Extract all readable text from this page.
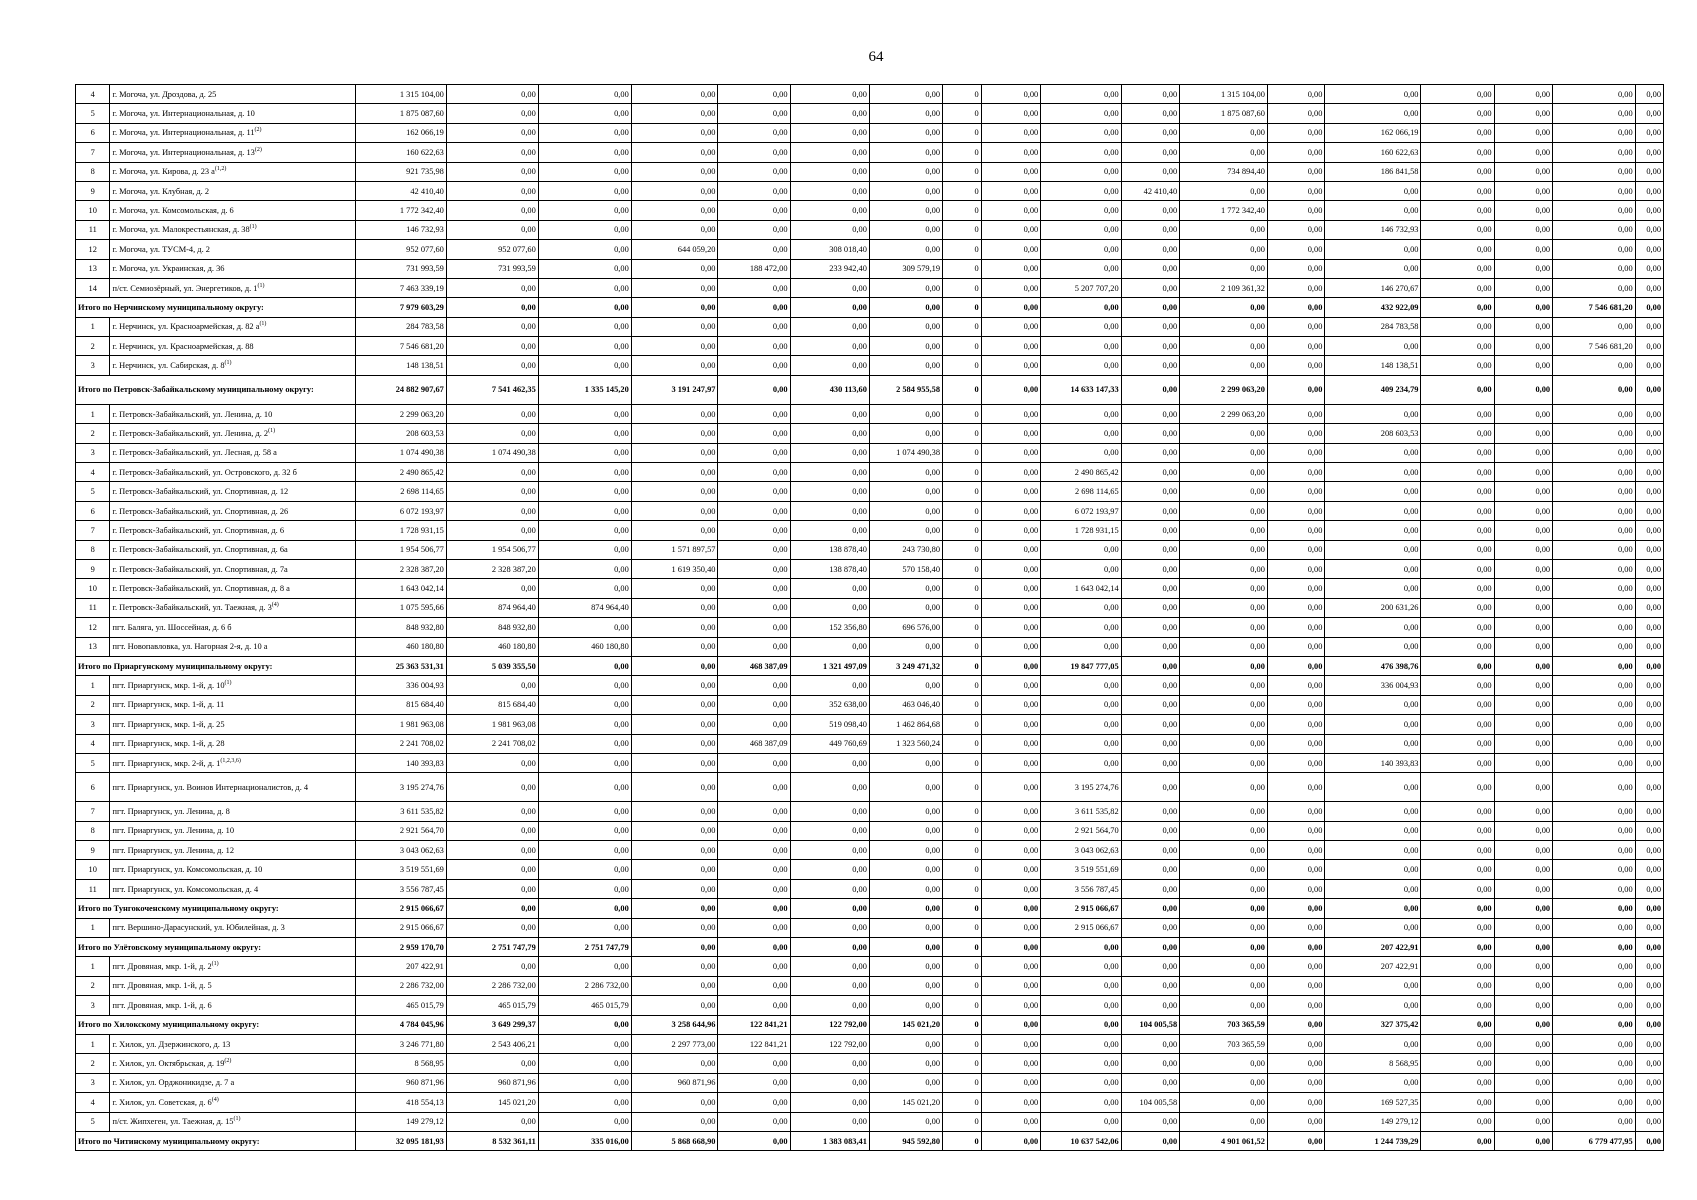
64
4	г. Могоча, ул. Дроздова, д. 25	1 315 104,00	0,00	0,00	0,00	0,00	0,00	0,00	0	0,00	0,00	0,00	1 315 104,00	0,00	0,00	0,00	0,00	0,00	0,00
5	г. Могоча, ул. Интернациональная, д. 10	1 875 087,60	0,00	0,00	0,00	0,00	0,00	0,00	0	0,00	0,00	0,00	1 875 087,60	0,00	0,00	0,00	0,00	0,00	0,00
6	г. Могоча, ул. Интернациональная, д. 11$^{(2)}$	162 066,19	0,00	0,00	0,00	0,00	0,00	0,00	0	0,00	0,00	0,00	0,00	0,00	162 066,19	0,00	0,00	0,00	0,00
7	г. Могоча, ул. Интернациональная, д. 13$^{(2)}$	160 622,63	0,00	0,00	0,00	0,00	0,00	0,00	0	0,00	0,00	0,00	0,00	0,00	160 622,63	0,00	0,00	0,00	0,00
8	г. Могоча, ул. Кирова, д. 23 $а^{(1,2)}$	921 735,98	0,00	0,00	0,00	0,00	0,00	0,00	0	0,00	0,00	0,00	734 894,40	0,00	186 841,58	0,00	0,00	0,00	0,00
9	г. Могоча, ул. Клубная, д. 2	42 410,40	0,00	0,00	0,00	0,00	0,00	0,00	0	0,00	0,00	42 410,40	0,00	0,00	0,00	0,00	0,00	0,00	0,00
10	г. Могоча, ул. Комсомольская, д. 6	1 772 342,40	0,00	0,00	0,00	0,00	0,00	0,00	0	0,00	0,00	0,00	1 772 342,40	0,00	0,00	0,00	0,00	0,00	0,00
11	г. Могоча, ул. Малокрестьянская, д. 38$^{(1)}$	146 732,93	0,00	0,00	0,00	0,00	0,00	0,00	0	0,00	0,00	0,00	0,00	0,00	146 732,93	0,00	0,00	0,00	0,00
12	г. Могоча, ул. ТУСМ-4, д. 2	952 077,60	952 077,60	0,00	644 059,20	0,00	308 018,40	0,00	0	0,00	0,00	0,00	0,00	0,00	0,00	0,00	0,00	0,00	0,00
13	г. Могоча, ул. Украинская, д. 36	731 993,59	731 993,59	0,00	0,00	188 472,00	233 942,40	309 579,19	0	0,00	0,00	0,00	0,00	0,00	0,00	0,00	0,00	0,00	0,00
14	п/ст. Семиозёрный, ул. Энергетиков, д. 1$^{(1)}$	7 463 339,19	0,00	0,00	0,00	0,00	0,00	0,00	0	0,00	5 207 707,20	0,00	2 109 361,32	0,00	146 270,67	0,00	0,00	0,00	0,00
Итого по Нерчинскому муниципальному округу:		7 979 603,29	0,00	0,00	0,00	0,00	0,00	0,00	0	0,00	0,00	0,00	0,00	0,00	432 922,09	0,00	0,00	7 546 681,20	0,00
1	г. Нерчинск, ул. Красноармейская, д. 82 $а^{(1)}$	284 783,58	0,00	0,00	0,00	0,00	0,00	0,00	0	0,00	0,00	0,00	0,00	0,00	284 783,58	0,00	0,00	0,00	0,00
2	г. Нерчинск, ул. Красноармейская, д. 88	7 546 681,20	0,00	0,00	0,00	0,00	0,00	0,00	0	0,00	0,00	0,00	0,00	0,00	0,00	0,00	0,00	7 546 681,20	0,00
3	г. Нерчинск, ул. Сабирская, д. 8$^{(1)}$	148 138,51	0,00	0,00	0,00	0,00	0,00	0,00	0	0,00	0,00	0,00	0,00	0,00	148 138,51	0,00	0,00	0,00	0,00
Итого по Петровск-Забайкальскому муниципальному округу:		24 882 907,67	7 541 462,35	1 335 145,20	3 191 247,97	0,00	430 113,60	2 584 955,58	0	0,00	14 633 147,33	0,00	2 299 063,20	0,00	409 234,79	0,00	0,00	0,00	0,00
1	г. Петровск-Забайкальский, ул. Ленина, д. 10	2 299 063,20	0,00	0,00	0,00	0,00	0,00	0,00	0	0,00	0,00	0,00	2 299 063,20	0,00	0,00	0,00	0,00	0,00	0,00
2	г. Петровск-Забайкальский, ул. Ленина, д. 2$^{(1)}$	208 603,53	0,00	0,00	0,00	0,00	0,00	0,00	0	0,00	0,00	0,00	0,00	0,00	208 603,53	0,00	0,00	0,00	0,00
3	г. Петровск-Забайкальский, ул. Лесная, д. 58 а	1 074 490,38	1 074 490,38	0,00	0,00	0,00	0,00	1 074 490,38	0	0,00	0,00	0,00	0,00	0,00	0,00	0,00	0,00	0,00	0,00
4	г. Петровск-Забайкальский, ул. Островского, д. 32 б	2 490 865,42	0,00	0,00	0,00	0,00	0,00	0,00	0	0,00	2 490 865,42	0,00	0,00	0,00	0,00	0,00	0,00	0,00	0,00
5	г. Петровск-Забайкальский, ул. Спортивная, д. 12	2 698 114,65	0,00	0,00	0,00	0,00	0,00	0,00	0	0,00	2 698 114,65	0,00	0,00	0,00	0,00	0,00	0,00	0,00	0,00
6	г. Петровск-Забайкальский, ул. Спортивная, д. 26	6 072 193,97	0,00	0,00	0,00	0,00	0,00	0,00	0	0,00	6 072 193,97	0,00	0,00	0,00	0,00	0,00	0,00	0,00	0,00
7	г. Петровск-Забайкальский, ул. Спортивная, д. 6	1 728 931,15	0,00	0,00	0,00	0,00	0,00	0,00	0	0,00	1 728 931,15	0,00	0,00	0,00	0,00	0,00	0,00	0,00	0,00
8	г. Петровск-Забайкальский, ул. Спортивная, д. 6а	1 954 506,77	1 954 506,77	0,00	1 571 897,57	0,00	138 878,40	243 730,80	0	0,00	0,00	0,00	0,00	0,00	0,00	0,00	0,00	0,00	0,00
9	г. Петровск-Забайкальский, ул. Спортивная, д. 7а	2 328 387,20	2 328 387,20	0,00	1 619 350,40	0,00	138 878,40	570 158,40	0	0,00	0,00	0,00	0,00	0,00	0,00	0,00	0,00	0,00	0,00
10	г. Петровск-Забайкальский, ул. Спортивная, д. 8 а	1 643 042,14	0,00	0,00	0,00	0,00	0,00	0,00	0	0,00	1 643 042,14	0,00	0,00	0,00	0,00	0,00	0,00	0,00	0,00
11	г. Петровск-Забайкальский, ул. Таежная, д. 3$^{(4)}$	1 075 595,66	874 964,40	874 964,40	0,00	0,00	0,00	0,00	0	0,00	0,00	0,00	0,00	0,00	200 631,26	0,00	0,00	0,00	0,00
12	пгт. Балягa, ул. Шоссейная, д. 6 б	848 932,80	848 932,80	0,00	0,00	0,00	152 356,80	696 576,00	0	0,00	0,00	0,00	0,00	0,00	0,00	0,00	0,00	0,00	0,00
13	пгт. Новопавловка, ул. Нагорная 2-я, д. 10 а	460 180,80	460 180,80	460 180,80	0,00	0,00	0,00	0,00	0	0,00	0,00	0,00	0,00	0,00	0,00	0,00	0,00	0,00	0,00
Итого по Приаргунскому муниципальному округу:		25 363 531,31	5 039 355,50	0,00	0,00	468 387,09	1 321 497,09	3 249 471,32	0	0,00	19 847 777,05	0,00	0,00	0,00	476 398,76	0,00	0,00	0,00	0,00
1	пгт. Приаргунск, мкр. 1-й, д. 10$^{(1)}$	336 004,93	0,00	0,00	0,00	0,00	0,00	0,00	0	0,00	0,00	0,00	0,00	0,00	336 004,93	0,00	0,00	0,00	0,00
2	пгт. Приаргунск, мкр. 1-й, д. 11	815 684,40	815 684,40	0,00	0,00	0,00	352 638,00	463 046,40	0	0,00	0,00	0,00	0,00	0,00	0,00	0,00	0,00	0,00	0,00
3	пгт. Приаргунск, мкр. 1-й, д. 25	1 981 963,08	1 981 963,08	0,00	0,00	0,00	519 098,40	1 462 864,68	0	0,00	0,00	0,00	0,00	0,00	0,00	0,00	0,00	0,00	0,00
4	пгт. Приаргунск, мкр. 1-й, д. 28	2 241 708,02	2 241 708,02	0,00	0,00	468 387,09	449 760,69	1 323 560,24	0	0,00	0,00	0,00	0,00	0,00	0,00	0,00	0,00	0,00	0,00
5	пгт. Приаргунск, мкр. 2-й, д. 1$^{(1,2,3,6)}$	140 393,83	0,00	0,00	0,00	0,00	0,00	0,00	0	0,00	0,00	0,00	0,00	0,00	140 393,83	0,00	0,00	0,00	0,00
6	пгт. Приаргунск, ул. Воинов Интернационалистов, д. 4	3 195 274,76	0,00	0,00	0,00	0,00	0,00	0,00	0	0,00	3 195 274,76	0,00	0,00	0,00	0,00	0,00	0,00	0,00	0,00
7	пгт. Приаргунск, ул. Ленина, д. 8	3 611 535,82	0,00	0,00	0,00	0,00	0,00	0,00	0	0,00	3 611 535,82	0,00	0,00	0,00	0,00	0,00	0,00	0,00	0,00
8	пгт. Приаргунск, ул. Ленина, д. 10	2 921 564,70	0,00	0,00	0,00	0,00	0,00	0,00	0	0,00	2 921 564,70	0,00	0,00	0,00	0,00	0,00	0,00	0,00	0,00
9	пгт. Приаргунск, ул. Ленина, д. 12	3 043 062,63	0,00	0,00	0,00	0,00	0,00	0,00	0	0,00	3 043 062,63	0,00	0,00	0,00	0,00	0,00	0,00	0,00	0,00
10	пгт. Приаргунск, ул. Комсомольская, д. 10	3 519 551,69	0,00	0,00	0,00	0,00	0,00	0,00	0	0,00	3 519 551,69	0,00	0,00	0,00	0,00	0,00	0,00	0,00	0,00
11	пгт. Приаргунск, ул. Комсомольская, д. 4	3 556 787,45	0,00	0,00	0,00	0,00	0,00	0,00	0	0,00	3 556 787,45	0,00	0,00	0,00	0,00	0,00	0,00	0,00	0,00
Итого по Тунгокоченскому муниципальному округу:		2 915 066,67	0,00	0,00	0,00	0,00	0,00	0,00	0	0,00	2 915 066,67	0,00	0,00	0,00	0,00	0,00	0,00	0,00	0,00
1	пгт. Вершино-Дарасунский, ул. Юбилейная, д. 3	2 915 066,67	0,00	0,00	0,00	0,00	0,00	0,00	0	0,00	2 915 066,67	0,00	0,00	0,00	0,00	0,00	0,00	0,00	0,00
Итого по Улётовскому муниципальному округу:		2 959 170,70	2 751 747,79	2 751 747,79	0,00	0,00	0,00	0,00	0	0,00	0,00	0,00	0,00	0,00	207 422,91	0,00	0,00	0,00	0,00
1	пгт. Дровяная, мкр. 1-й, д. 2$^{(1)}$	207 422,91	0,00	0,00	0,00	0,00	0,00	0,00	0	0,00	0,00	0,00	0,00	0,00	207 422,91	0,00	0,00	0,00	0,00
2	пгт. Дровяная, мкр. 1-й, д. 5	2 286 732,00	2 286 732,00	2 286 732,00	0,00	0,00	0,00	0,00	0	0,00	0,00	0,00	0,00	0,00	0,00	0,00	0,00	0,00	0,00
3	пгт. Дровяная, мкр. 1-й, д. 6	465 015,79	465 015,79	465 015,79	0,00	0,00	0,00	0,00	0	0,00	0,00	0,00	0,00	0,00	0,00	0,00	0,00	0,00	0,00
Итого по Хилокскому муниципальному округу:		4 784 045,96	3 649 299,37	0,00	3 258 644,96	122 841,21	122 792,00	145 021,20	0	0,00	0,00	104 005,58	703 365,59	0,00	327 375,42	0,00	0,00	0,00	0,00
1	г. Хилок, ул. Дзержинского, д. 13	3 246 771,80	2 543 406,21	0,00	2 297 773,00	122 841,21	122 792,00	0,00	0	0,00	0,00	0,00	703 365,59	0,00	0,00	0,00	0,00	0,00	0,00
2	г. Хилок, ул. Октябрьская, д. 19$^{(2)}$	8 568,95	0,00	0,00	0,00	0,00	0,00	0,00	0	0,00	0,00	0,00	0,00	0,00	8 568,95	0,00	0,00	0,00	0,00
3	г. Хилок, ул. Орджоникидзе, д. 7 а	960 871,96	960 871,96	0,00	960 871,96	0,00	0,00	0,00	0	0,00	0,00	0,00	0,00	0,00	0,00	0,00	0,00	0,00	0,00
4	г. Хилок, ул. Советская, д. 6$^{(4)}$	418 554,13	145 021,20	0,00	0,00	0,00	0,00	145 021,20	0	0,00	0,00	104 005,58	0,00	0,00	169 527,35	0,00	0,00	0,00	0,00
5	п/ст. Жипхеген, ул. Таежная, д. 15$^{(1)}$	149 279,12	0,00	0,00	0,00	0,00	0,00	0,00	0	0,00	0,00	0,00	0,00	0,00	149 279,12	0,00	0,00	0,00	0,00
Итого по Читинскому муниципальному округу:		32 095 181,93	8 532 361,11	335 016,00	5 868 668,90	0,00	1 383 083,41	945 592,80	0	0,00	10 637 542,06	0,00	4 901 061,52	0,00	1 244 739,29	0,00	0,00	6 779 477,95	0,00
